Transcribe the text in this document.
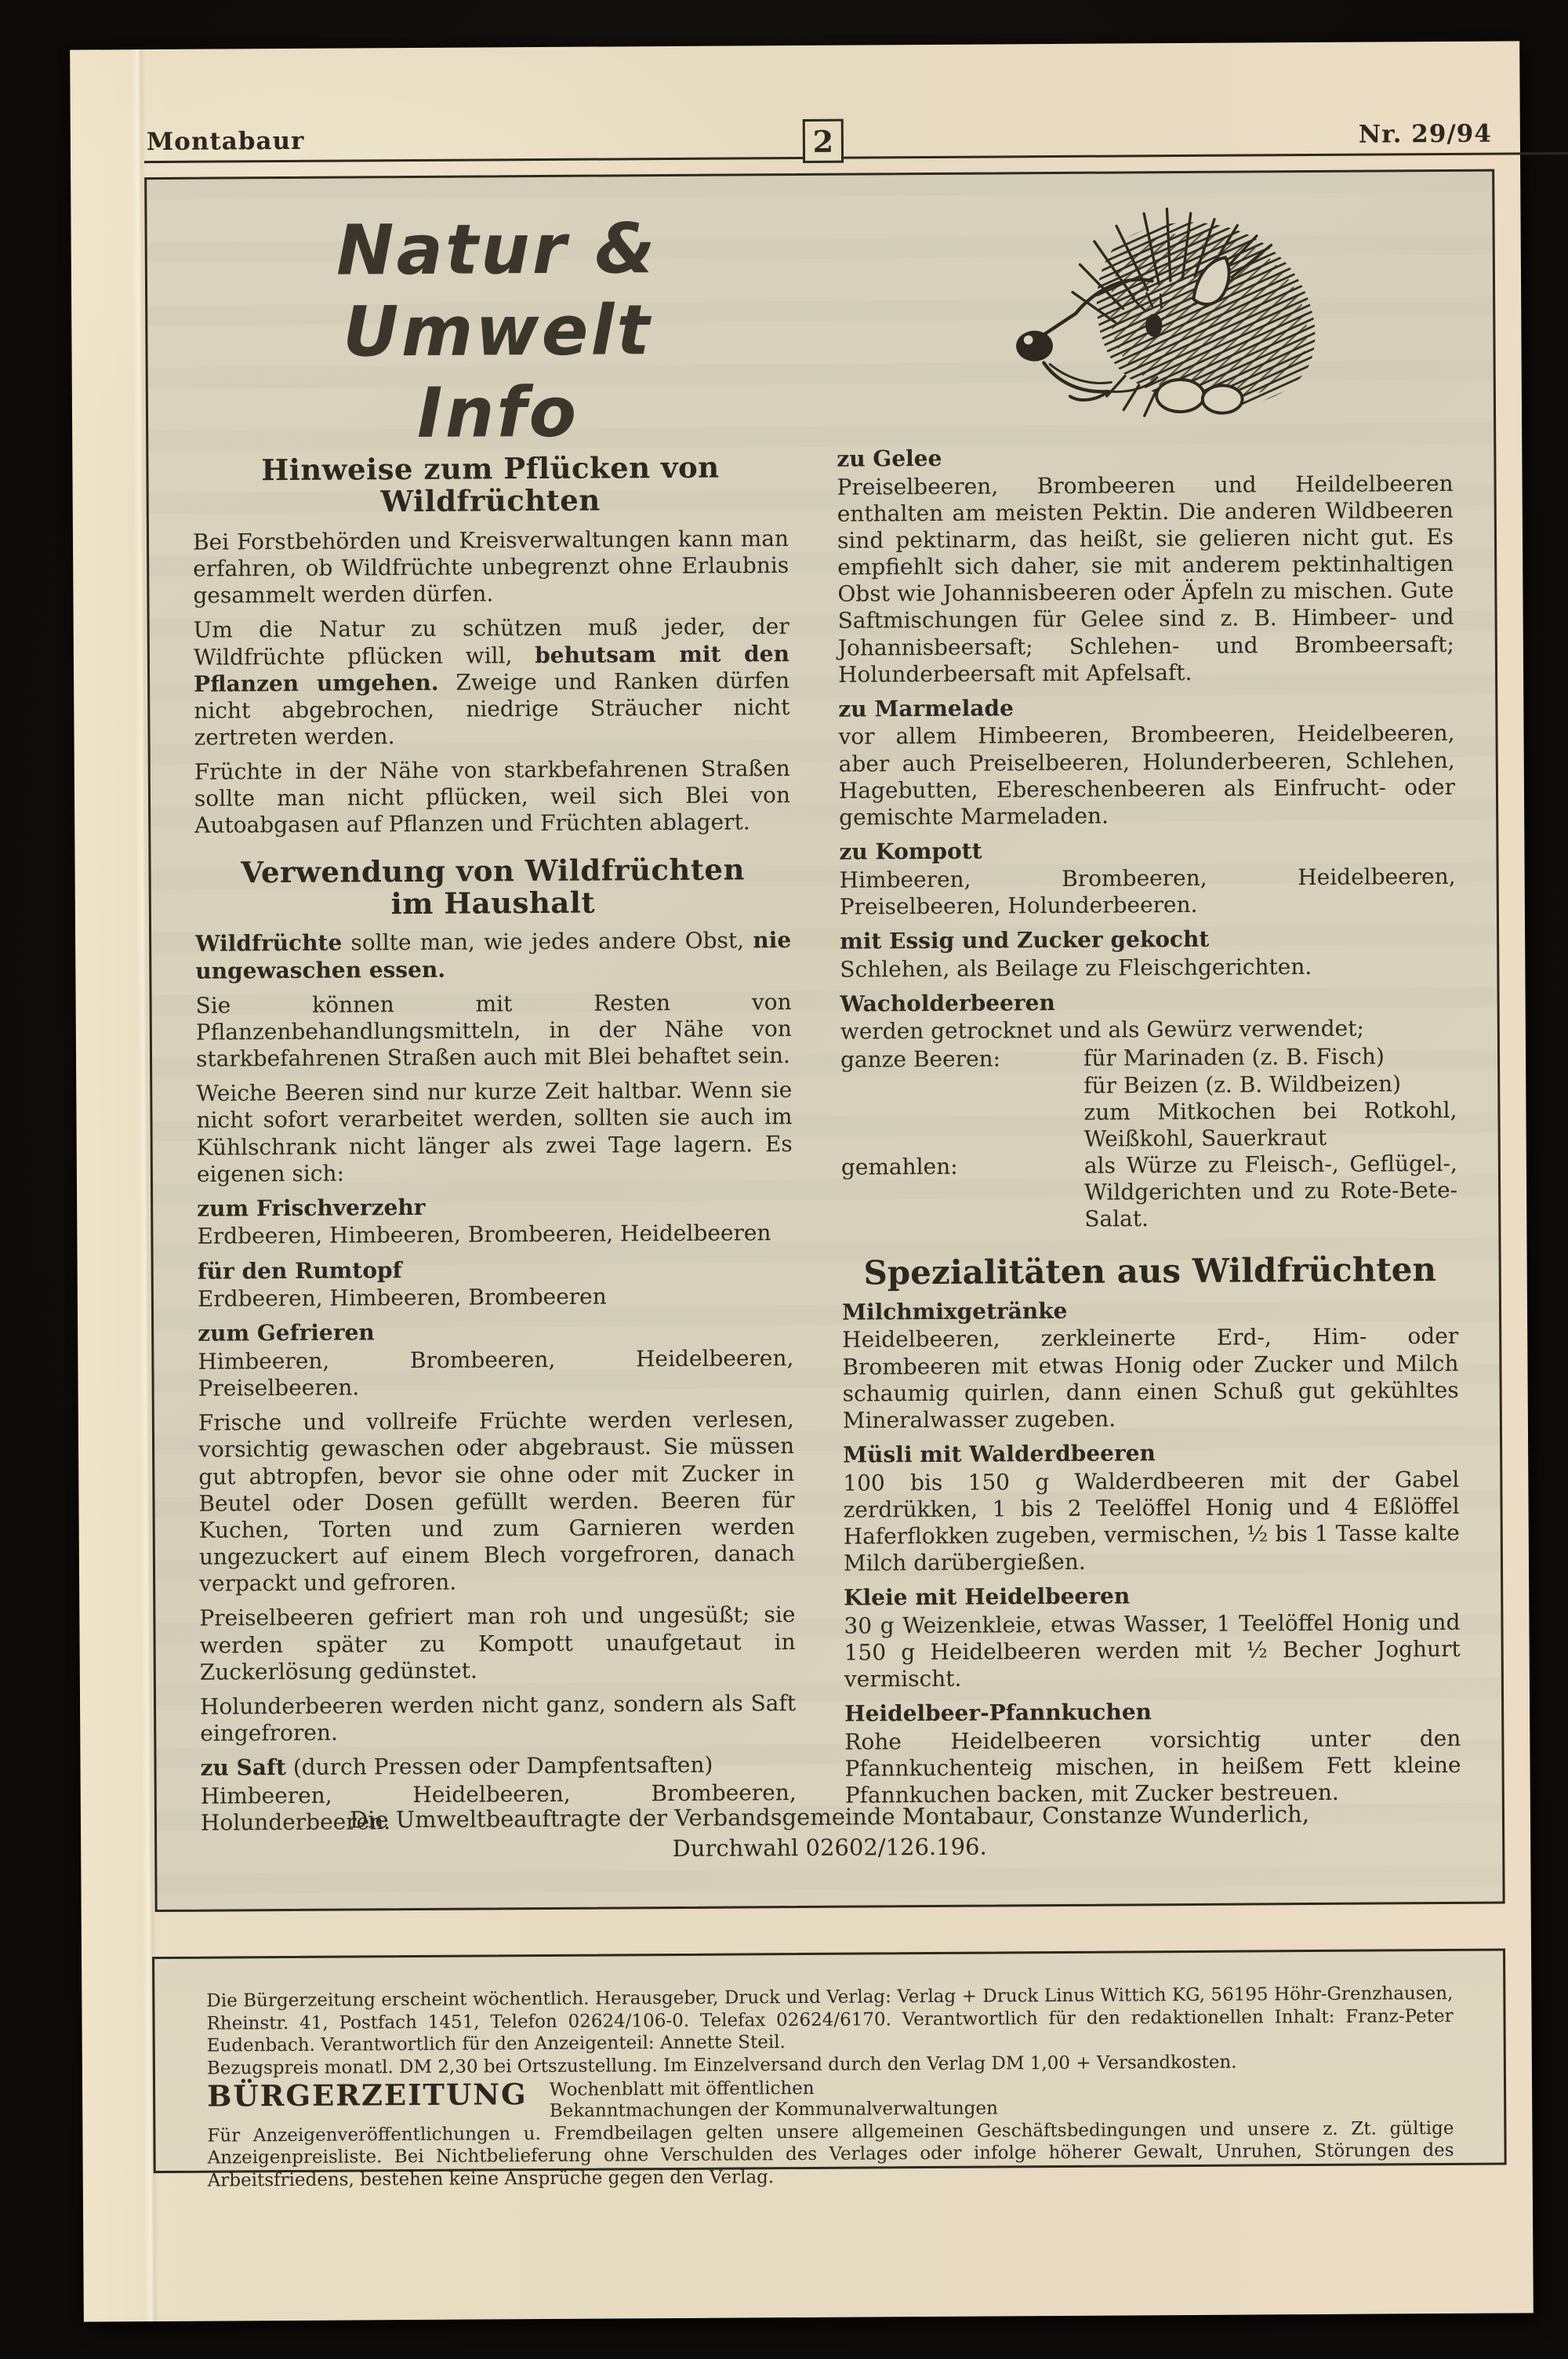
Montabaur	2	Nr. 29/94
Natur & Umwelt
Info
Hinweise zum Pflücken von
Wildfrüchten

Bei Forstbehörden und Kreisverwaltungen kann man erfahren, ob Wildfrüchte unbegrenzt ohne Erlaubnis gesammelt werden dürfen.

Um die Natur zu schützen muß jeder, der Wildfrüchte pflücken will, behutsam mit den Pflanzen umgehen. Zweige und Ranken dürfen nicht abgebrochen, niedrige Sträucher nicht zertreten werden.

Früchte in der Nähe von starkbefahrenen Straßen sollte man nicht pflücken, weil sich Blei von Autoabgasen auf Pflanzen und Früchten ablagert.

Verwendung von Wildfrüchten
im Haushalt

Wildfrüchte sollte man, wie jedes andere Obst, nie ungewaschen essen.

Sie können mit Resten von Pflanzenbehandlungsmitteln, in der Nähe von starkbefahrenen Straßen auch mit Blei behaftet sein.

Weiche Beeren sind nur kurze Zeit haltbar. Wenn sie nicht sofort verarbeitet werden, sollten sie auch im Kühlschrank nicht länger als zwei Tage lagern. Es eigenen sich:

zum Frischverzehr

Erdbeeren, Himbeeren, Brombeeren, Heidelbeeren

für den Rumtopf

Erdbeeren, Himbeeren, Brombeeren

zum Gefrieren

Himbeeren, Brombeeren, Heidelbeeren, Preiselbeeren.

Frische und vollreife Früchte werden verlesen, vorsichtig gewaschen oder abgebraust. Sie müssen gut abtropfen, bevor sie ohne oder mit Zucker in Beutel oder Dosen gefüllt werden. Beeren für Kuchen, Torten und zum Garnieren werden ungezuckert auf einem Blech vorgefroren, danach verpackt und gefroren.

Preiselbeeren gefriert man roh und ungesüßt; sie werden später zu Kompott unaufgetaut in Zuckerlösung gedünstet.

Holunderbeeren werden nicht ganz, sondern als Saft eingefroren.

zu Saft (durch Pressen oder Dampfentsaften)

Himbeeren, Heidelbeeren, Brombeeren, Holunderbeeren.

zu Gelee

Preiselbeeren, Brombeeren und Heildelbeeren enthalten am meisten Pektin. Die anderen Wildbeeren sind pektinarm, das heißt, sie gelieren nicht gut. Es empfiehlt sich daher, sie mit anderem pektinhaltigen Obst wie Johannisbeeren oder Äpfeln zu mischen. Gute Saftmischungen für Gelee sind z. B. Himbeer- und Johannisbeersaft; Schlehen- und Brombeersaft; Holunderbeersaft mit Apfelsaft.

zu Marmelade

vor allem Himbeeren, Brombeeren, Heidelbeeren, aber auch Preiselbeeren, Holunderbeeren, Schlehen, Hagebutten, Ebereschenbeeren als Einfrucht- oder gemischte Marmeladen.

zu Kompott

Himbeeren, Brombeeren, Heidelbeeren, Preiselbeeren, Holunderbeeren.

mit Essig und Zucker gekocht

Schlehen, als Beilage zu Fleischgerichten.

Wacholderbeeren

werden getrocknet und als Gewürz verwendet;

ganze Beeren:	für Marinaden (z. B. Fisch)
für Beizen (z. B. Wildbeizen)
zum Mitkochen bei Rotkohl, Weißkohl, Sauerkraut
gemahlen:	als Würze zu Fleisch-, Geflügel-, Wildgerichten und zu Rote-Bete-Salat.
Spezialitäten aus Wildfrüchten
Milchmixgetränke

Heidelbeeren, zerkleinerte Erd-, Him- oder Brombeeren mit etwas Honig oder Zucker und Milch schaumig quirlen, dann einen Schuß gut gekühltes Mineralwasser zugeben.

Müsli mit Walderdbeeren

100 bis 150 g Walderdbeeren mit der Gabel zerdrükken, 1 bis 2 Teelöffel Honig und 4 Eßlöffel Haferflokken zugeben, vermischen, ½ bis 1 Tasse kalte Milch darübergießen.

Kleie mit Heidelbeeren

30 g Weizenkleie, etwas Wasser, 1 Teelöffel Honig und 150 g Heidelbeeren werden mit ½ Becher Joghurt vermischt.

Heidelbeer-Pfannkuchen

Rohe Heidelbeeren vorsichtig unter den Pfannkuchenteig mischen, in heißem Fett kleine Pfannkuchen backen, mit Zucker bestreuen.

Die Umweltbeauftragte der Verbandsgemeinde Montabaur, Constanze Wunderlich,
Durchwahl 02602/126.196.

Die Bürgerzeitung erscheint wöchentlich. Herausgeber, Druck und Verlag: Verlag + Druck Linus Wittich KG, 56195 Höhr-Grenzhausen, Rheinstr. 41, Postfach 1451, Telefon 02624/106-0. Telefax 02624/6170. Verantwortlich für den redaktionellen Inhalt: Franz-Peter Eudenbach. Verantwortlich für den Anzeigenteil: Annette Steil.

Bezugspreis monatl. DM 2,30 bei Ortszustellung. Im Einzelversand durch den Verlag DM 1,00 + Versandkosten.

BÜRGERZEITUNG Wochenblatt mit öffentlichen
Bekanntmachungen der Kommunalverwaltungen

Für Anzeigenveröffentlichungen u. Fremdbeilagen gelten unsere allgemeinen Geschäftsbedingungen und unsere z. Zt. gültige Anzeigenpreisliste. Bei Nichtbelieferung ohne Verschulden des Verlages oder infolge höherer Gewalt, Unruhen, Störungen des Arbeitsfriedens, bestehen keine Ansprüche gegen den Verlag.
